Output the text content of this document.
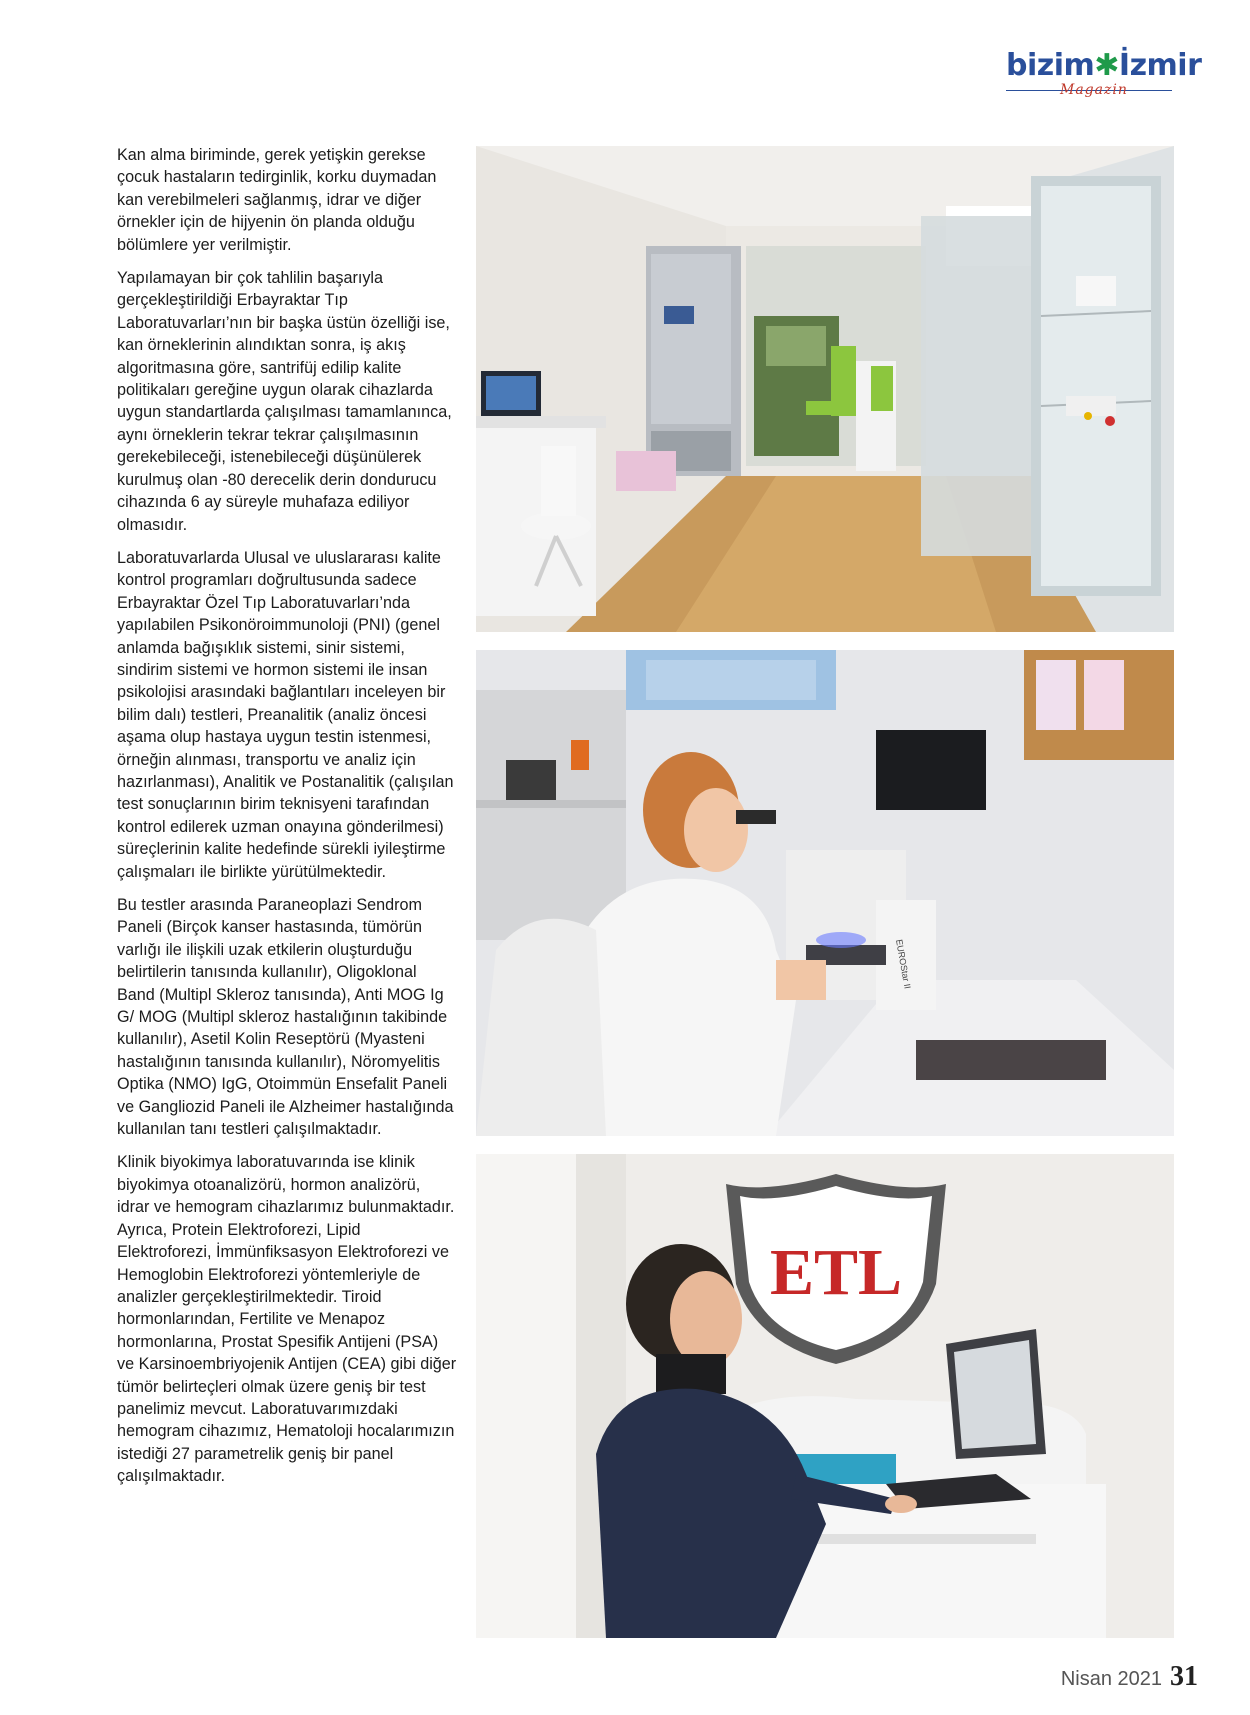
bizim✱İzmir
Magazin

Kan alma biriminde, gerek yetişkin gerekse çocuk hastaların tedirginlik, korku duymadan kan verebilmeleri sağlanmış, idrar ve diğer örnekler için de hijyenin ön planda olduğu bölümlere yer verilmiştir.

Yapılamayan bir çok tahlilin başarıyla gerçekleştirildiği Erbayraktar Tıp Laboratuvarları’nın bir başka üstün özelliği ise, kan örneklerinin alındıktan sonra, iş akış algoritmasına göre, santrifüj edilip kalite politikaları gereğine uygun olarak cihazlarda uygun standartlarda çalışılması tamamlanınca, aynı örneklerin tekrar tekrar çalışılmasının gerekebileceği, istenebileceği düşünülerek kurulmuş olan -80 derecelik derin dondurucu cihazında 6 ay süreyle muhafaza ediliyor olmasıdır.

Laboratuvarlarda Ulusal ve uluslararası kalite kontrol programları doğrultusunda sadece Erbayraktar Özel Tıp Laboratuvarları’nda yapılabilen Psikonöroimmunoloji (PNI) (genel anlamda bağışıklık sistemi, sinir sistemi, sindirim sistemi ve hormon sistemi ile insan psikolojisi arasındaki bağlantıları inceleyen bir bilim dalı) testleri, Preanalitik (analiz öncesi aşama olup hastaya uygun testin istenmesi, örneğin alınması, transportu ve analiz için hazırlanması), Analitik ve Postanalitik (çalışılan test sonuçlarının birim teknisyeni tarafından kontrol edilerek uzman onayına gönderilmesi) süreçlerinin kalite hedefinde sürekli iyileştirme çalışmaları ile birlikte yürütülmektedir.

Bu testler arasında Paraneoplazi Sendrom Paneli (Birçok kanser hastasında, tümörün varlığı ile ilişkili uzak etkilerin oluşturduğu belirtilerin tanısında kullanılır), Oligoklonal Band (Multipl Skleroz tanısında), Anti MOG Ig G/ MOG (Multipl skleroz hastalığının takibinde kullanılır), Asetil Kolin Reseptörü (Myasteni hastalığının tanısında kullanılır), Nöromyelitis Optika (NMO) IgG, Otoimmün Ensefalit Paneli ve Gangliozid Paneli ile Alzheimer hastalığında kullanılan tanı testleri çalışılmaktadır.

Klinik biyokimya laboratuvarında ise klinik biyokimya otoanalizörü, hormon analizörü, idrar ve hemogram cihazlarımız bulunmaktadır. Ayrıca, Protein Elektroforezi, Lipid Elektroforezi, İmmünfiksasyon Elektroforezi ve Hemoglobin Elektroforezi yöntemleriyle de analizler gerçekleştirilmektedir. Tiroid hormonlarından, Fertilite ve Menapoz hormonlarına, Prostat Spesifik Antijeni (PSA) ve Karsinoembriyojenik Antijen (CEA) gibi diğer tümör belirteçleri olmak üzere geniş bir test panelimiz mevcut. Laboratuvarımızdaki hemogram cihazımız, Hematoloji hocalarımızın istediği 27 parametrelik geniş bir panel çalışılmaktadır.

EUROStar II
ETL
Nisan 2021 31
